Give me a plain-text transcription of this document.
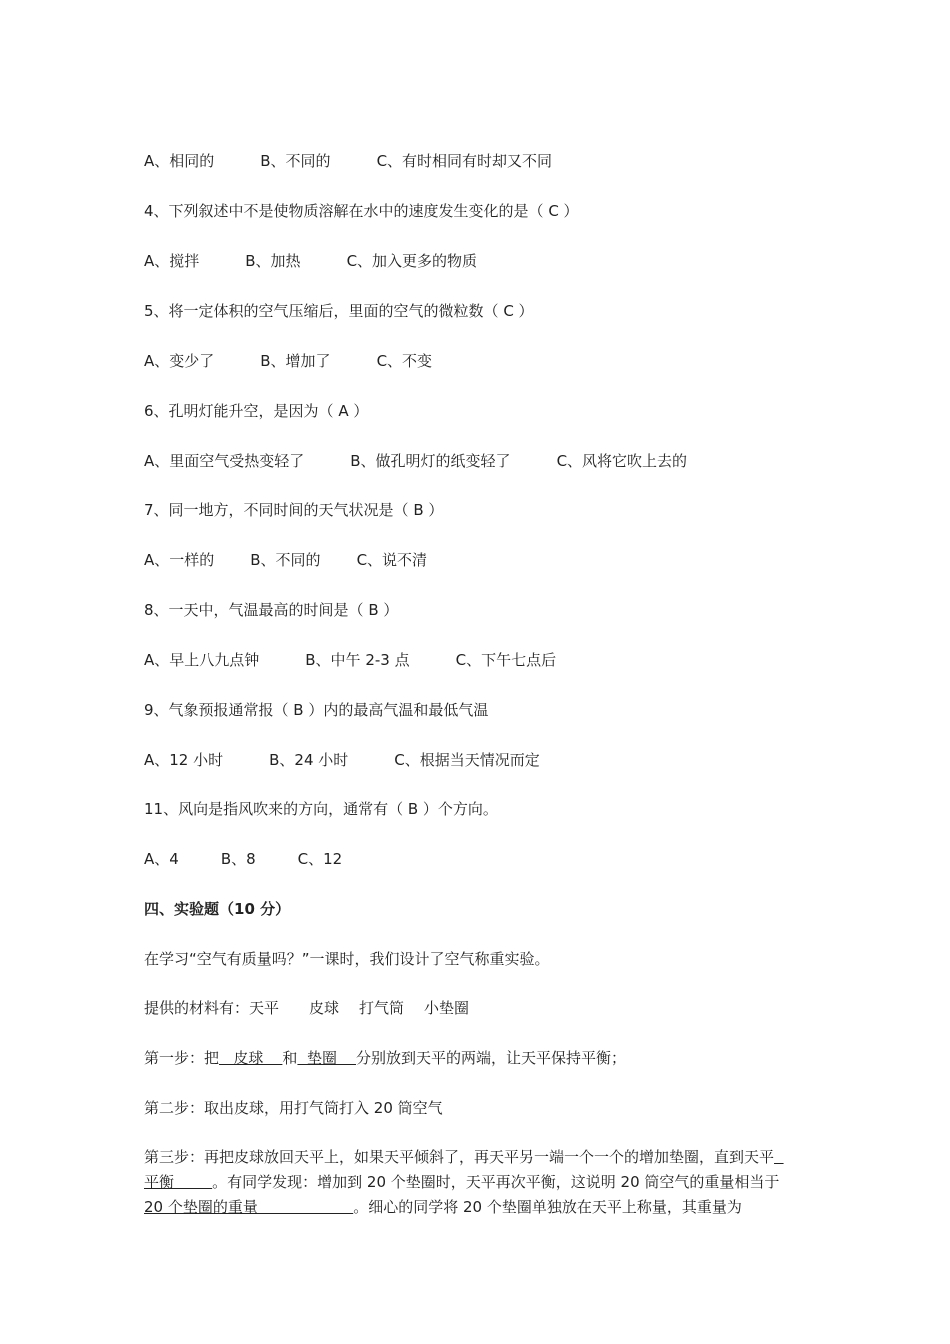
A、相同的	B、不同的	C、有时相同有时却又不同
4、下列叙述中不是使物质溶解在水中的速度发生变化的是（ C ）
A、搅拌	B、加热	C、加入更多的物质
5、将一定体积的空气压缩后，里面的空气的微粒数（ C ）
A、变少了	B、增加了	C、不变
6、孔明灯能升空，是因为（ A ）
A、里面空气受热变轻了	B、做孔明灯的纸变轻了	C、风将它吹上去的
7、同一地方，不同时间的天气状况是（ B ）
A、一样的 B、不同的 C、说不清
8、一天中，气温最高的时间是（ B ）
A、早上八九点钟	B、中午 2-3 点	C、下午七点后
9、气象预报通常报（ B ）内的最高气温和最低气温
A、12 小时	B、24 小时	C、根据当天情况而定
11、风向是指风吹来的方向，通常有（ B ）个方向。
A、4	B、8	C、12
四、实验题（10 分）
在学习“空气有质量吗？”一课时，我们设计了空气称重实验。
提供的材料有：天平 皮球 打气筒 小垫圈
第一步：把   皮球    和  垫圈    分别放到天平的两端，让天平保持平衡；
第二步：取出皮球，用打气筒打入 20 筒空气
第三步：再把皮球放回天平上，如果天平倾斜了，再天平另一端一个一个的增加垫圈，直到天平
平衡        。有同学发现：增加到 20 个垫圈时，天平再次平衡，这说明 20 筒空气的重量相当于
20 个垫圈的重量                    。细心的同学将 20 个垫圈单独放在天平上称量，其重量为
